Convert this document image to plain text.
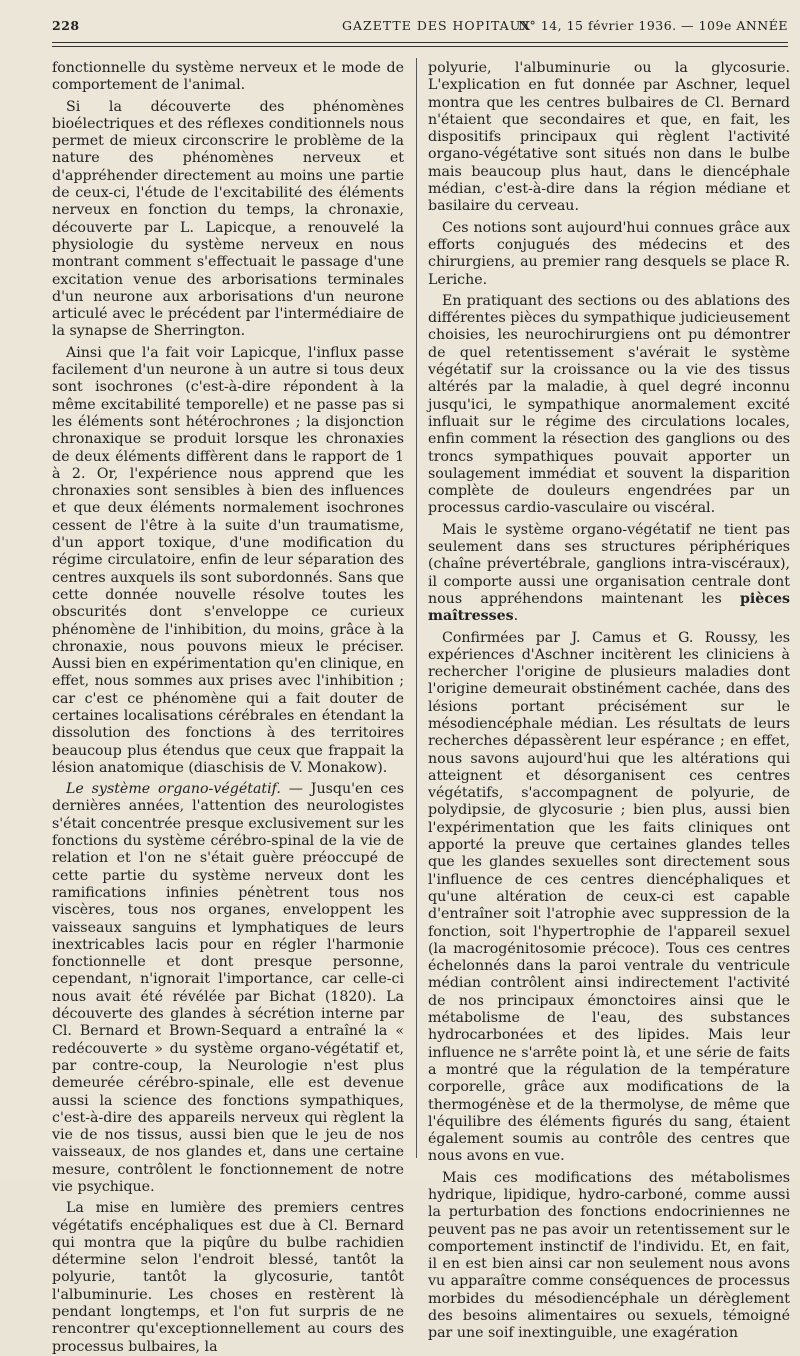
228	GAZETTE DES HOPITAUX
N° 14, 15 février 1936. — 109e ANNÉE

fonctionnelle du système nerveux et le mode de comportement de l'animal.

Si la découverte des phénomènes bioélectriques et des réflexes conditionnels nous permet de mieux circonscrire le problème de la nature des phénomènes nerveux et d'appréhender directement au moins une partie de ceux-ci, l'étude de l'excitabilité des éléments nerveux en fonction du temps, la chronaxie, découverte par L. Lapicque, a renouvelé la physiologie du système nerveux en nous montrant comment s'effectuait le passage d'une excitation venue des arborisations terminales d'un neurone aux arborisations d'un neurone articulé avec le précédent par l'intermédiaire de la synapse de Sherrington.

Ainsi que l'a fait voir Lapicque, l'influx passe facilement d'un neurone à un autre si tous deux sont isochrones (c'est-à-dire répondent à la même excitabilité temporelle) et ne passe pas si les éléments sont hétérochrones ; la disjonction chronaxique se produit lorsque les chronaxies de deux éléments diffèrent dans le rapport de 1 à 2. Or, l'expérience nous apprend que les chronaxies sont sensibles à bien des influences et que deux éléments normalement isochrones cessent de l'être à la suite d'un traumatisme, d'un apport toxique, d'une modification du régime circulatoire, enfin de leur séparation des centres auxquels ils sont subordonnés. Sans que cette donnée nouvelle résolve toutes les obscurités dont s'enveloppe ce curieux phénomène de l'inhibition, du moins, grâce à la chronaxie, nous pouvons mieux le préciser. Aussi bien en expérimentation qu'en clinique, en effet, nous sommes aux prises avec l'inhibition ; car c'est ce phénomène qui a fait douter de certaines localisations cérébrales en étendant la dissolution des fonctions à des territoires beaucoup plus étendus que ceux que frappait la lésion anatomique (diaschisis de V. Monakow).

Le système organo-végétatif. — Jusqu'en ces dernières années, l'attention des neurologistes s'était concentrée presque exclusivement sur les fonctions du système cérébro-spinal de la vie de relation et l'on ne s'était guère préoccupé de cette partie du système nerveux dont les ramifications infinies pénètrent tous nos viscères, tous nos organes, enveloppent les vaisseaux sanguins et lymphatiques de leurs inextricables lacis pour en régler l'harmonie fonctionnelle et dont presque personne, cependant, n'ignorait l'importance, car celle-ci nous avait été révélée par Bichat (1820). La découverte des glandes à sécrétion interne par Cl. Bernard et Brown-Sequard a entraîné la « redécouverte » du système organo-végétatif et, par contre-coup, la Neurologie n'est plus demeurée cérébro-spinale, elle est devenue aussi la science des fonctions sympathiques, c'est-à-dire des appareils nerveux qui règlent la vie de nos tissus, aussi bien que le jeu de nos vaisseaux, de nos glandes et, dans une certaine mesure, contrôlent le fonctionnement de notre vie psychique.

La mise en lumière des premiers centres végétatifs encéphaliques est due à Cl. Bernard qui montra que la piqûre du bulbe rachidien détermine selon l'endroit blessé, tantôt la polyurie, tantôt la glycosurie, tantôt l'albuminurie. Les choses en restèrent là pendant longtemps, et l'on fut surpris de ne rencontrer qu'exceptionnellement au cours des processus bulbaires, la

polyurie, l'albuminurie ou la glycosurie. L'explication en fut donnée par Aschner, lequel montra que les centres bulbaires de Cl. Bernard n'étaient que secondaires et que, en fait, les dispositifs principaux qui règlent l'activité organo-végétative sont situés non dans le bulbe mais beaucoup plus haut, dans le diencéphale médian, c'est-à-dire dans la région médiane et basilaire du cerveau.

Ces notions sont aujourd'hui connues grâce aux efforts conjugués des médecins et des chirurgiens, au premier rang desquels se place R. Leriche.

En pratiquant des sections ou des ablations des différentes pièces du sympathique judicieusement choisies, les neurochirurgiens ont pu démontrer de quel retentissement s'avérait le système végétatif sur la croissance ou la vie des tissus altérés par la maladie, à quel degré inconnu jusqu'ici, le sympathique anormalement excité influait sur le régime des circulations locales, enfin comment la résection des ganglions ou des troncs sympathiques pouvait apporter un soulagement immédiat et souvent la disparition complète de douleurs engendrées par un processus cardio-vasculaire ou viscéral.

Mais le système organo-végétatif ne tient pas seulement dans ses structures périphériques (chaîne prévertébrale, ganglions intra-viscéraux), il comporte aussi une organisation centrale dont nous appréhendons maintenant les pièces maîtresses.

Confirmées par J. Camus et G. Roussy, les expériences d'Aschner incitèrent les cliniciens à rechercher l'origine de plusieurs maladies dont l'origine demeurait obstinément cachée, dans des lésions portant précisément sur le mésodiencéphale médian. Les résultats de leurs recherches dépassèrent leur espérance ; en effet, nous savons aujourd'hui que les altérations qui atteignent et désorganisent ces centres végétatifs, s'accompagnent de polyurie, de polydipsie, de glycosurie ; bien plus, aussi bien l'expérimentation que les faits cliniques ont apporté la preuve que certaines glandes telles que les glandes sexuelles sont directement sous l'influence de ces centres diencéphaliques et qu'une altération de ceux-ci est capable d'entraîner soit l'atrophie avec suppression de la fonction, soit l'hypertrophie de l'appareil sexuel (la macrogénitosomie précoce). Tous ces centres échelonnés dans la paroi ventrale du ventricule médian contrôlent ainsi indirectement l'activité de nos principaux émonctoires ainsi que le métabolisme de l'eau, des substances hydrocarbonées et des lipides. Mais leur influence ne s'arrête point là, et une série de faits a montré que la régulation de la température corporelle, grâce aux modifications de la thermogénèse et de la thermolyse, de même que l'équilibre des éléments figurés du sang, étaient également soumis au contrôle des centres que nous avons en vue.

Mais ces modifications des métabolismes hydrique, lipidique, hydro-carboné, comme aussi la perturbation des fonctions endocriniennes ne peuvent pas ne pas avoir un retentissement sur le comportement instinctif de l'individu. Et, en fait, il en est bien ainsi car non seulement nous avons vu apparaître comme conséquences de processus morbides du mésodiencéphale un dérèglement des besoins alimentaires ou sexuels, témoigné par une soif inextinguible, une exagération
